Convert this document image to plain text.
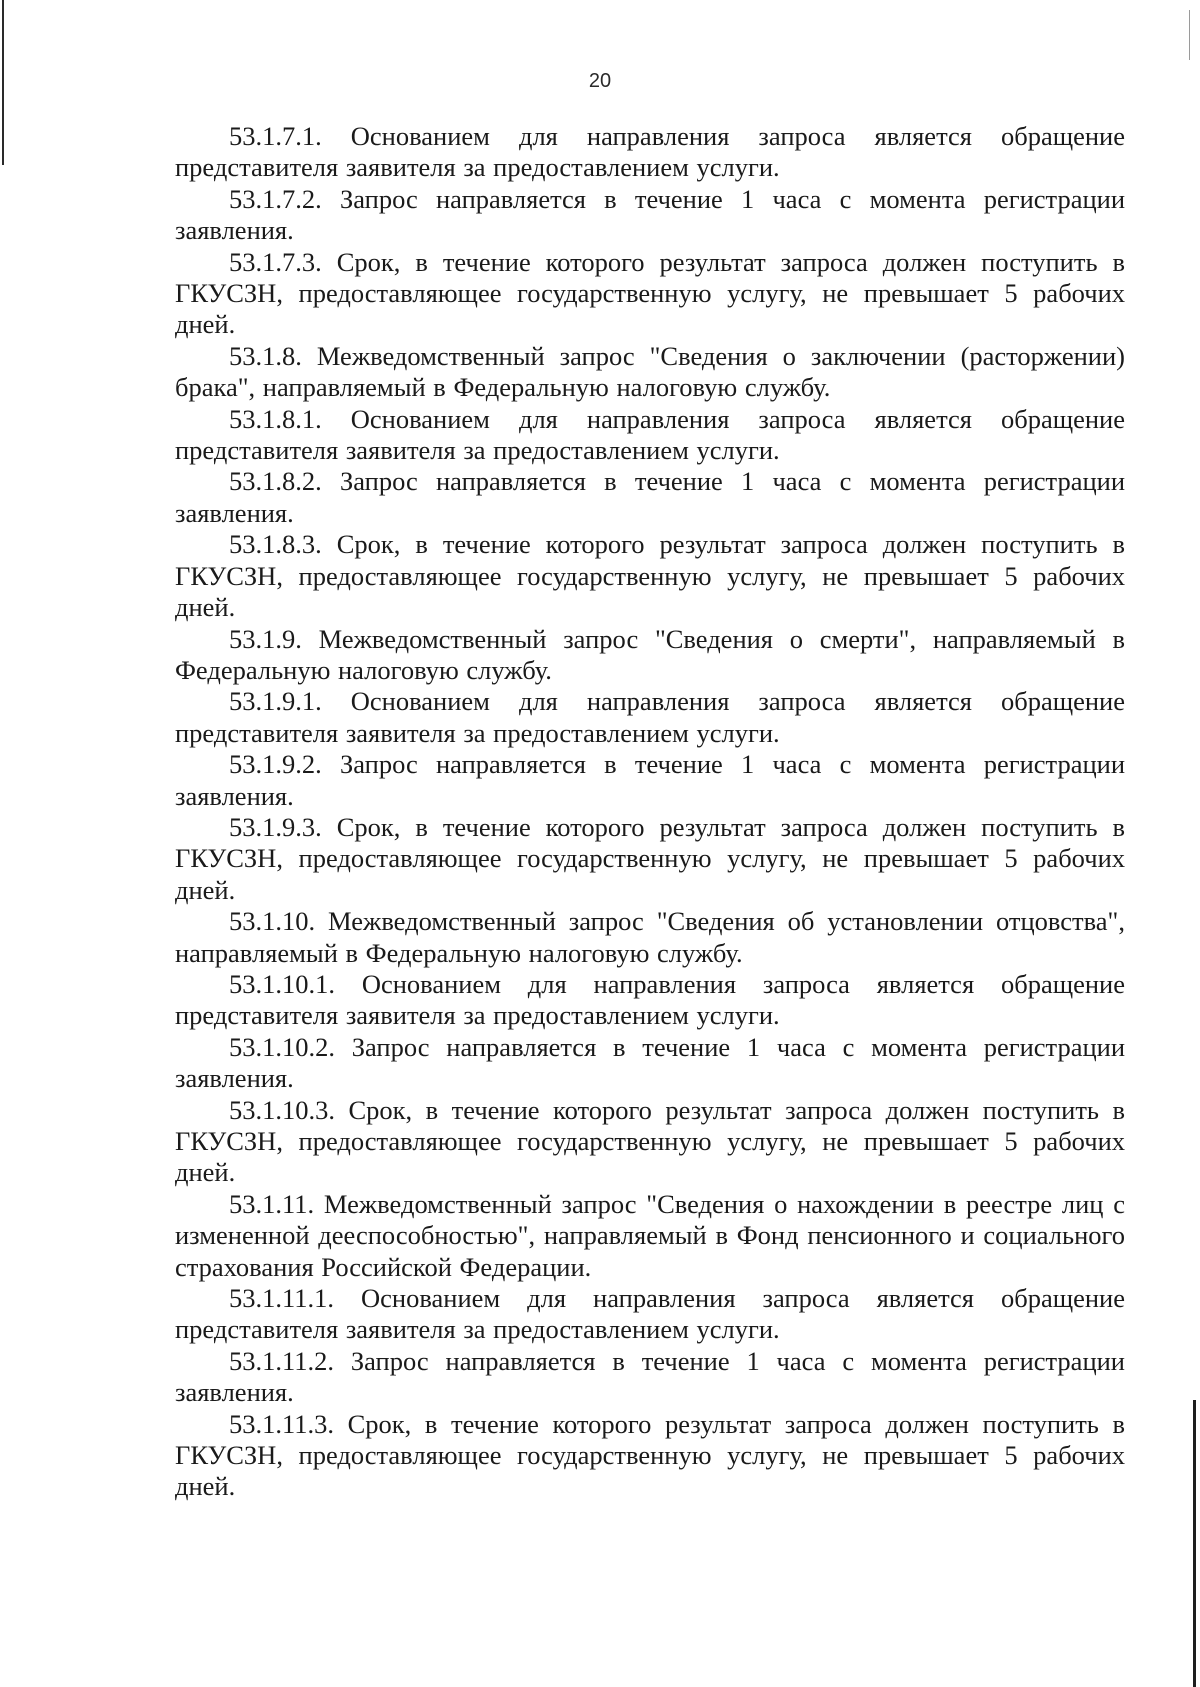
20

53.1.7.1. Основанием для направления запроса является обращение представителя заявителя за предоставлением услуги.

53.1.7.2. Запрос направляется в течение 1 часа с момента регистрации заявления.

53.1.7.3. Срок, в течение которого результат запроса должен поступить в ГКУСЗН, предоставляющее государственную услугу, не превышает 5 рабочих дней.

53.1.8. Межведомственный запрос "Сведения о заключении (расторжении) брака", направляемый в Федеральную налоговую службу.

53.1.8.1. Основанием для направления запроса является обращение представителя заявителя за предоставлением услуги.

53.1.8.2. Запрос направляется в течение 1 часа с момента регистрации заявления.

53.1.8.3. Срок, в течение которого результат запроса должен поступить в ГКУСЗН, предоставляющее государственную услугу, не превышает 5 рабочих дней.

53.1.9. Межведомственный запрос "Сведения о смерти", направляемый в Федеральную налоговую службу.

53.1.9.1. Основанием для направления запроса является обращение представителя заявителя за предоставлением услуги.

53.1.9.2. Запрос направляется в течение 1 часа с момента регистрации заявления.

53.1.9.3. Срок, в течение которого результат запроса должен поступить в ГКУСЗН, предоставляющее государственную услугу, не превышает 5 рабочих дней.

53.1.10. Межведомственный запрос "Сведения об установлении отцовства", направляемый в Федеральную налоговую службу.

53.1.10.1. Основанием для направления запроса является обращение представителя заявителя за предоставлением услуги.

53.1.10.2. Запрос направляется в течение 1 часа с момента регистрации заявления.

53.1.10.3. Срок, в течение которого результат запроса должен поступить в ГКУСЗН, предоставляющее государственную услугу, не превышает 5 рабочих дней.

53.1.11. Межведомственный запрос "Сведения о нахождении в реестре лиц с измененной дееспособностью", направляемый в Фонд пенсионного и социального страхования Российской Федерации.

53.1.11.1. Основанием для направления запроса является обращение представителя заявителя за предоставлением услуги.

53.1.11.2. Запрос направляется в течение 1 часа с момента регистрации заявления.

53.1.11.3. Срок, в течение которого результат запроса должен поступить в ГКУСЗН, предоставляющее государственную услугу, не превышает 5 рабочих дней.
